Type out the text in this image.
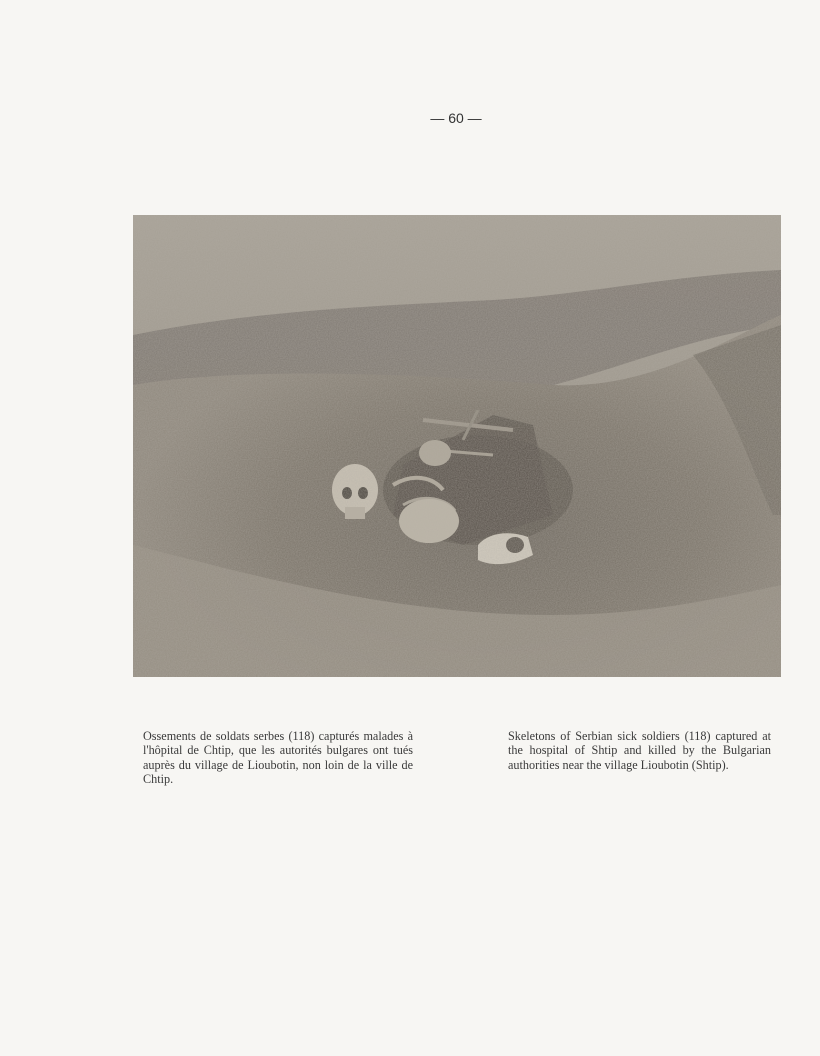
— 60 —
Ossements de soldats serbes (118) capturés malades à l'hôpital de Chtip, que les autorités bulgares ont tués auprès du village de Lioubotin, non loin de la ville de Chtip.
Skeletons of Serbian sick soldiers (118) captured at the hospital of Shtip and killed by the Bulgarian authorities near the village Lioubotin (Shtip).
